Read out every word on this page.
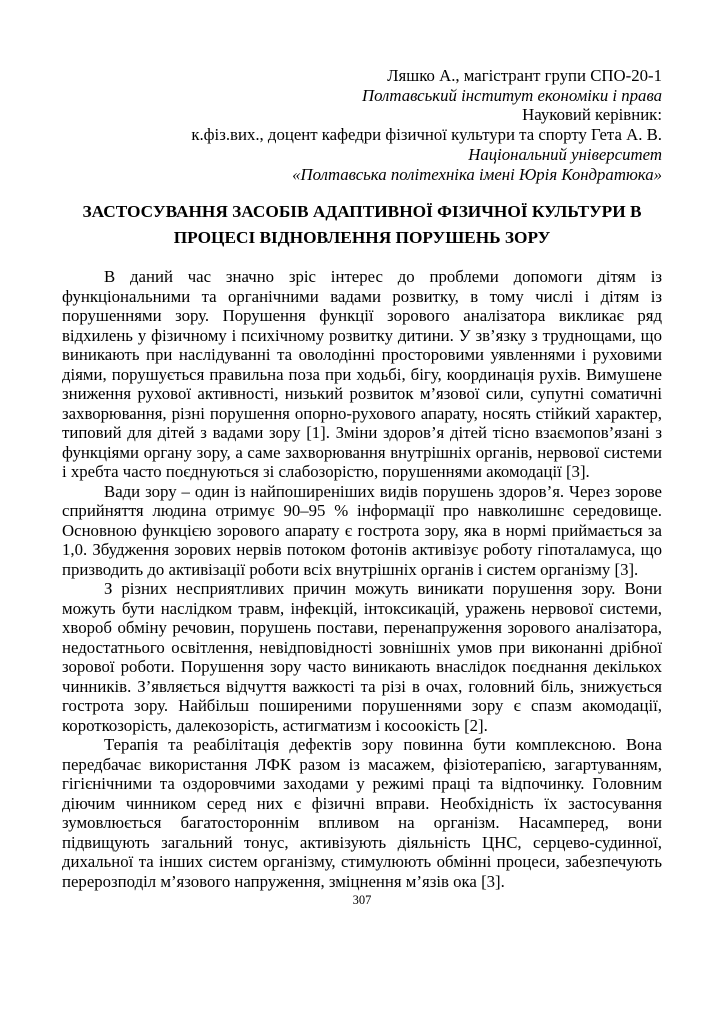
Ляшко А., магістрант групи СПО-20-1
Полтавський інститут економіки і права
Науковий керівник:
к.фіз.вих., доцент кафедри фізичної культури та спорту Гета А. В.
Національний університет
«Полтавська політехніка імені Юрія Кондратюка»
ЗАСТОСУВАННЯ ЗАСОБІВ АДАПТИВНОЇ ФІЗИЧНОЇ КУЛЬТУРИ В ПРОЦЕСІ ВІДНОВЛЕННЯ ПОРУШЕНЬ ЗОРУ

В даний час значно зріс інтерес до проблеми допомоги дітям із функціональними та органічними вадами розвитку, в тому числі і дітям із порушеннями зору. Порушення функції зорового аналізатора викликає ряд відхилень у фізичному і психічному розвитку дитини. У зв’язку з труднощами, що виникають при наслідуванні та оволодінні просторовими уявленнями і руховими діями, порушується правильна поза при ходьбі, бігу, координація рухів. Вимушене зниження рухової активності, низький розвиток м’язової сили, супутні соматичні захворювання, різні порушення опорно-рухового апарату, носять стійкий характер, типовий для дітей з вадами зору [1]. Зміни здоров’я дітей тісно взаємопов’язані з функціями органу зору, а саме захворювання внутрішніх органів, нервової системи і хребта часто поєднуються зі слабозорістю, порушеннями акомодації [3].

Вади зору – один із найпоширеніших видів порушень здоров’я. Через зорове сприйняття людина отримує 90–95 % інформації про навколишнє середовище. Основною функцією зорового апарату є гострота зору, яка в нормі приймається за 1,0. Збудження зорових нервів потоком фотонів активізує роботу гіпоталамуса, що призводить до активізації роботи всіх внутрішніх органів і систем організму [3].

З різних несприятливих причин можуть виникати порушення зору. Вони можуть бути наслідком травм, інфекцій, інтоксикацій, уражень нервової системи, хвороб обміну речовин, порушень постави, перенапруження зорового аналізатора, недостатнього освітлення, невідповідності зовнішніх умов при виконанні дрібної зорової роботи. Порушення зору часто виникають внаслідок поєднання декількох чинників. З’являється відчуття важкості та різі в очах, головний біль, знижується гострота зору. Найбільш поширеними порушеннями зору є спазм акомодації, короткозорість, далекозорість, астигматизм і косоокість [2].

Терапія та реабілітація дефектів зору повинна бути комплексною. Вона передбачає використання ЛФК разом із масажем, фізіотерапією, загартуванням, гігієнічними та оздоровчими заходами у режимі праці та відпочинку. Головним діючим чинником серед них є фізичні вправи. Необхідність їх застосування зумовлюється багатостороннім впливом на організм. Насамперед, вони підвищують загальний тонус, активізують діяльність ЦНС, серцево-судинної, дихальної та інших систем організму, стимулюють обмінні процеси, забезпечують перерозподіл м’язового напруження, зміцнення м’язів ока [3].

307
